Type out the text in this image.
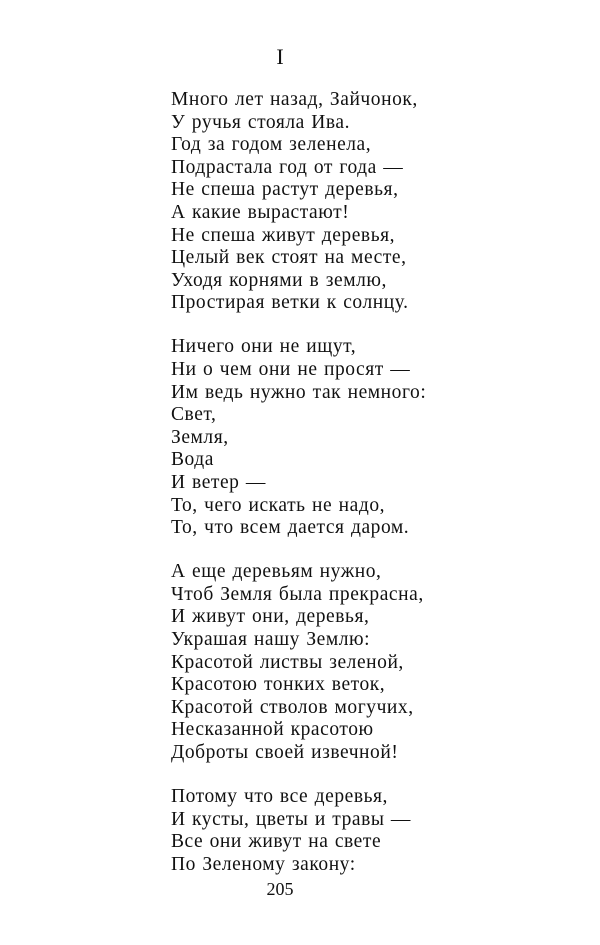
I
Много лет назад, Зайчонок,
У ручья стояла Ива.
Год за годом зеленела,
Подрастала год от года —
Не спеша растут деревья,
А какие вырастают!
Не спеша живут деревья,
Целый век стоят на месте,
Уходя корнями в землю,
Простирая ветки к солнцу.
Ничего они не ищут,
Ни о чем они не просят —
Им ведь нужно так немного:
Свет,
Земля,
Вода
И ветер —
То, чего искать не надо,
То, что всем дается даром.
А еще деревьям нужно,
Чтоб Земля была прекрасна,
И живут они, деревья,
Украшая нашу Землю:
Красотой листвы зеленой,
Красотою тонких веток,
Красотой стволов могучих,
Несказанной красотою
Доброты своей извечной!
Потому что все деревья,
И кусты, цветы и травы —
Все они живут на свете
По Зеленому закону:
205
